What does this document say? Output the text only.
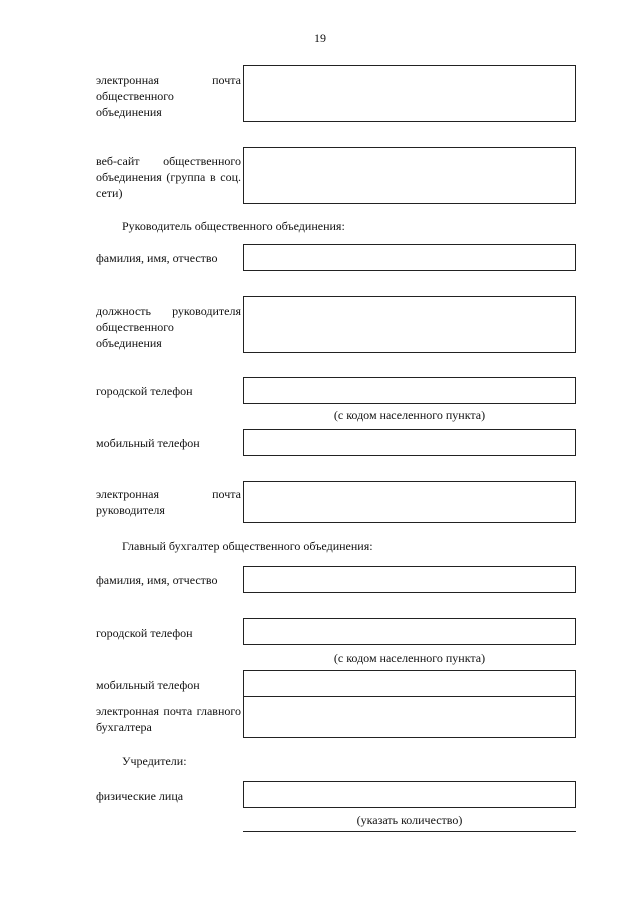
19
электронная почта общественного объединения
веб-сайт общественного объединения (группа в соц. сети)
Руководитель общественного объединения:
фамилия, имя, отчество
должность руководителя общественного объединения
городской телефон
(с кодом населенного пункта)
мобильный телефон
электронная почта руководителя
Главный бухгалтер общественного объединения:
фамилия, имя, отчество
городской телефон
(с кодом населенного пункта)
мобильный телефон
электронная почта главного бухгалтера
Учредители:
физические лица
(указать количество)
